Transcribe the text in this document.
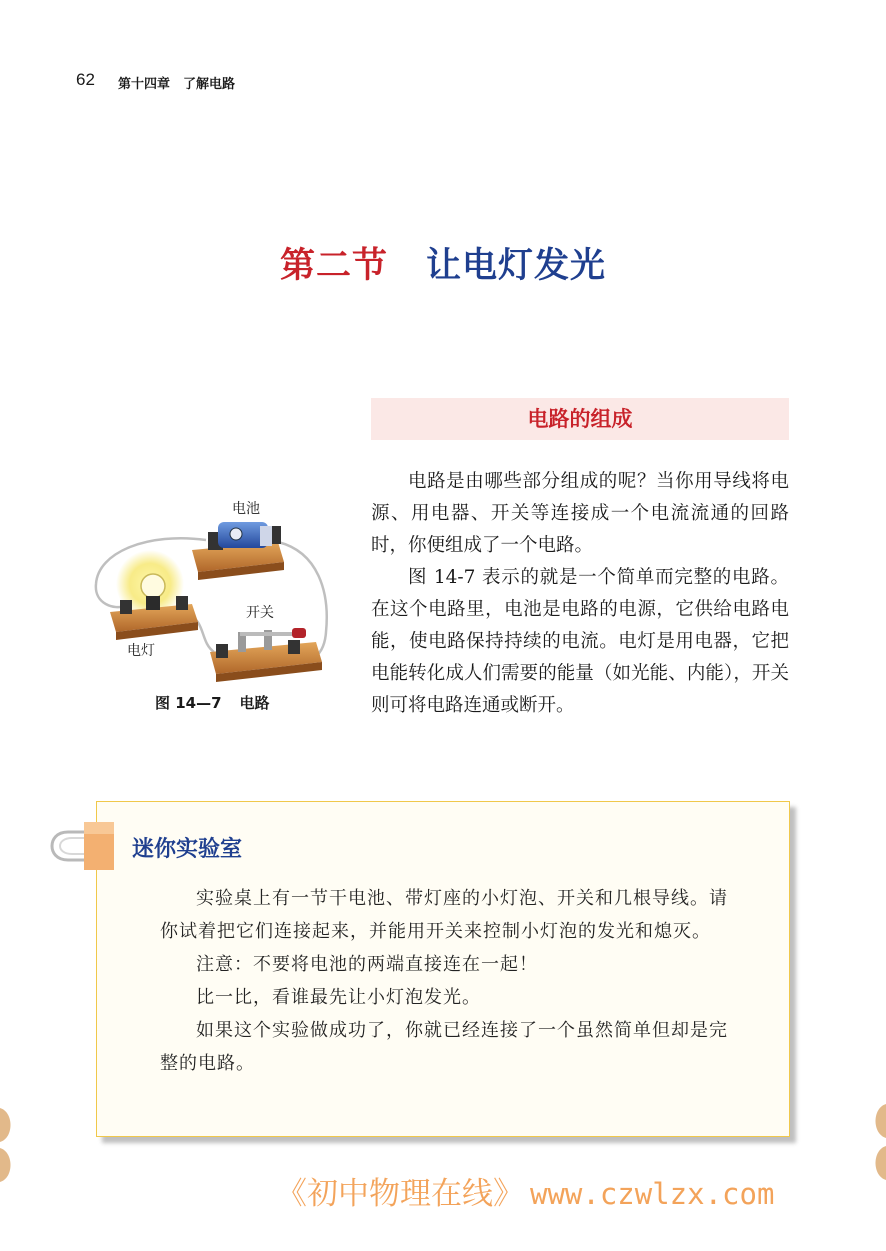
62 第十四章　了解电路
第二节 让电灯发光
电路的组成

电路是由哪些部分组成的呢？当你用导线将电源、用电器、开关等连接成一个电流流通的回路时，你便组成了一个电路。

图 14-7 表示的就是一个简单而完整的电路。在这个电路里，电池是电路的电源，它供给电路电能，使电路保持持续的电流。电灯是用电器，它把电能转化成人们需要的能量（如光能、内能），开关则可将电路连通或断开。

电池
开关
电灯
图 14—7 电路
迷你实验室

实验桌上有一节干电池、带灯座的小灯泡、开关和几根导线。请你试着把它们连接起来，并能用开关来控制小灯泡的发光和熄灭。

注意：不要将电池的两端直接连在一起！

比一比，看谁最先让小灯泡发光。

如果这个实验做成功了，你就已经连接了一个虽然简单但却是完整的电路。

《初中物理在线》 www.czwlzx.com
